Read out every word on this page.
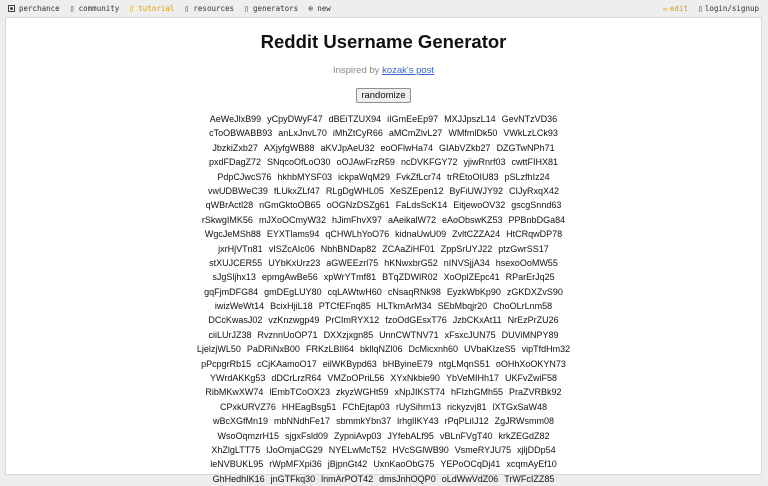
perchance ▯ community ▯ tutorial ▯ resources ▯ generators ⊕ new	✏ edit ▯ login/signup
Reddit Username Generator
Inspired by kozak's post
randomize
AeWeJlxB99 yCpyDWyF47 dBEiTZUX94 iIGmEeEp97 MXJJpszL14 GevNTzVD36
cToOBWABB93 anLxJnvL70 iMhZtCyR66 aMCmZlvL27 WMfmlDk50 VWkLzLCk93
JbzkiZxb27 AXjyfgWB88 aKVJpAeU32 eoOFlwHa74 GIAbVZkb27 DZGTwNPh71
pxdFDagZ72 SNqcoOfLoO30 oOJAwFrzR59 ncDVKFGY72 yjiwRnrf03 cwttFIHX81
PdpCJwcS76 hkhbMYSF03 ickpaWqM29 FvkZfLcr74 trREtoOIU83 pSLzfhIz24
vwUDBWeC39 fLUkxZLf47 RLgDgWHL05 XeSZEpen12 ByFiUWJY92 CIJyRxqX42
qWBrActl28 nGmGktoOB65 oOGNzDSZg61 FaLdsScK14 EitjewoOV32 gscgSnnd63
rSkwgIMK56 mJXoOCmyW32 hJimFhvX97 aAeikalW72 eAoObswKZ53 PPBnbDGa84
WgcJeMSh88 EYXTlams94 qCHWLhYoO76 kidnaUwU09 ZvltCZZA24 HtCRqwDP78
jxrHjVTn81 vISZcAIc06 NbhBNDap82 ZCAaZiHF01 ZppSrUYJ22 ptzGwrSS17
stXUJCER55 UYbKxUrz23 aGWEEzrl75 hKNwxbrG52 nINVSjjA34 hsexoOoMW55
sJgSljhx13 epmgAwBe56 xpWrYTmf81 BTqZDWlR02 XoOplZEpc41 RParErJq25
gqFjmDFG84 gmDEgLUY80 cqLAWtwH60 cNsaqRNk98 EyzkWbKp90 zGKDXZvS90
iwizWeWt14 BcixHjiL18 PTCfEFnq85 HLTkmArM34 SEbMbqjr20 ChoOLrLnm58
DCcKwasJ02 vzKnzwgp49 PrCImRYX12 fzoOdGEsxT76 JzbCKxAt11 NrEzPrZU26
ciiLUrJZ38 RvznnUoOP71 DXXzjxgn85 UnnCWTNV71 xFsxcJUN75 DUViMNPY89
LjelzjWL50 PaDRiNxB00 FRKzLBIl64 bkllqNZl06 DcMicxnh60 UVbaKIzeS5 vipTfdHm32
pPcpgrRb15 cCjKAamoO17 eilWKBypd63 bHByineE79 ntgLMqnS51 oOHhXoOKYN73
YWrdAKKg53 dDCrLrzR64 VMZoOPriL56 XYxNkbie90 YbVeMIHh17 UKFvZwiF58
RibMKwXW74 lEmbTCoOX23 zkyzWGHt59 xNpJIKST74 hFIzhGMh55 PraZVRBk92
CPxkURVZ76 HHEagBsg51 FChEjtap03 rUySihrn13 rickyzvj81 lXTGxSaW48
wBcXGfMn19 mbNNdhFe17 sbmmkYbn37 lrhglIKY43 rPqPLiIJ12 ZgJRWsmm08
WsoOqmzrH15 sjgxFsld09 ZypniAvp03 JYfebALf95 vBLnFVgT40 krkZEGdZ82
XhZlgLTT75 lJoOmjaCG29 NYELwMcT52 HVcSGlWB90 VsmeRYJU75 xjljDDp54
leNVBUKL95 rWpMFXpi36 jBjpnGt42 UxnKaoObG75 YEPoOCqDj41 xcqmAyEf10
GhHedhIK16 jnGTFkq30 lnmArPOT42 dmsJnhOQP0 oLdWwVdZ06 TrWFcIZZ85
